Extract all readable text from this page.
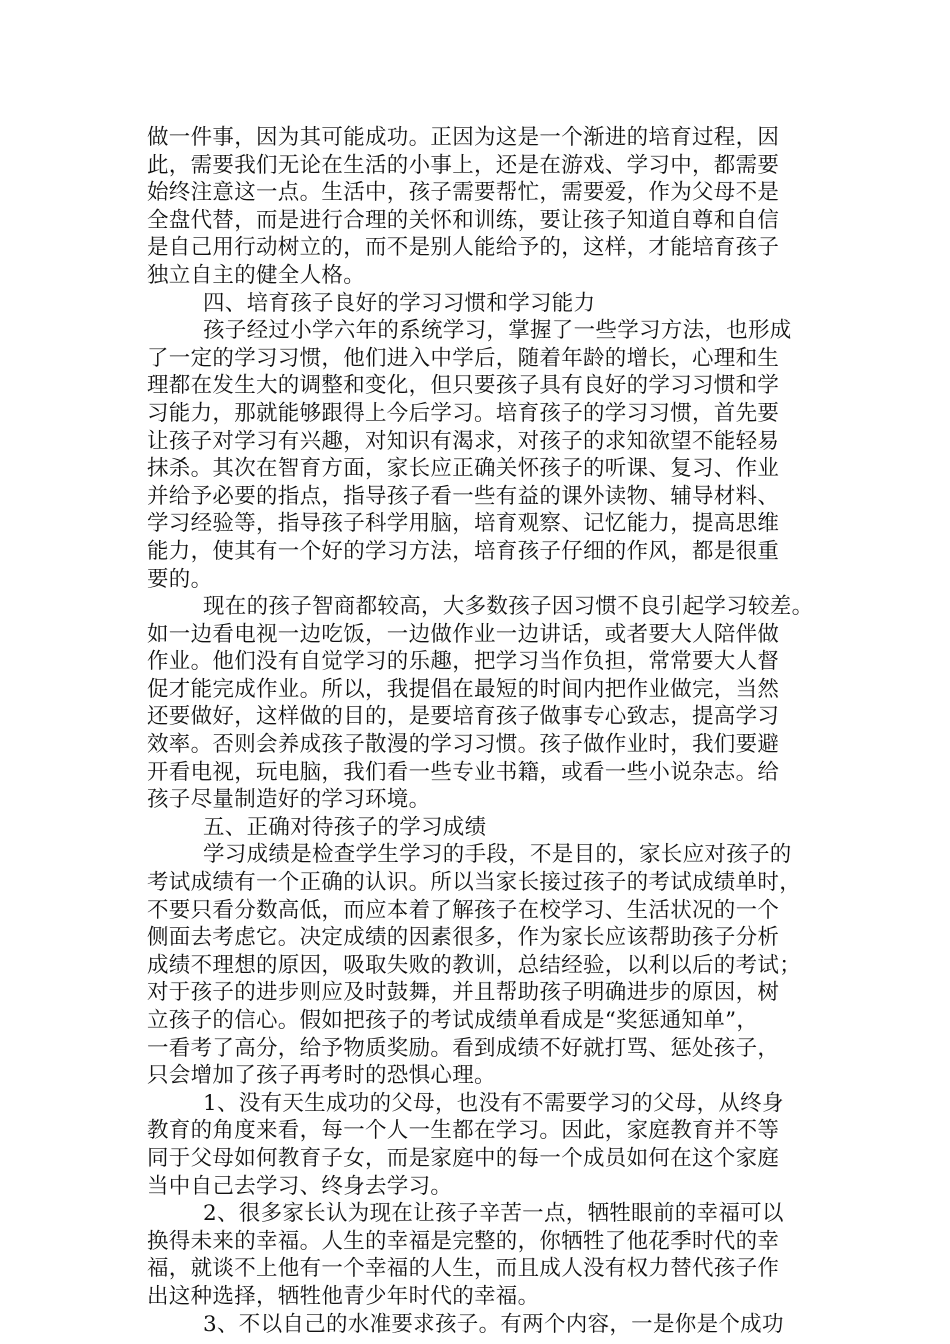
做一件事，因为其可能成功。正因为这是一个渐进的培育过程，因
此，需要我们无论在生活的小事上，还是在游戏、学习中，都需要
始终注意这一点。生活中，孩子需要帮忙，需要爱，作为父母不是
全盘代替，而是进行合理的关怀和训练，要让孩子知道自尊和自信
是自己用行动树立的，而不是别人能给予的，这样，才能培育孩子
独立自主的健全人格。
四、培育孩子良好的学习习惯和学习能力
孩子经过小学六年的系统学习，掌握了一些学习方法，也形成
了一定的学习习惯，他们进入中学后，随着年龄的增长，心理和生
理都在发生大的调整和变化，但只要孩子具有良好的学习习惯和学
习能力，那就能够跟得上今后学习。培育孩子的学习习惯，首先要
让孩子对学习有兴趣，对知识有渴求，对孩子的求知欲望不能轻易
抹杀。其次在智育方面，家长应正确关怀孩子的听课、复习、作业
并给予必要的指点，指导孩子看一些有益的课外读物、辅导材料、
学习经验等，指导孩子科学用脑，培育观察、记忆能力，提高思维
能力，使其有一个好的学习方法，培育孩子仔细的作风，都是很重
要的。
现在的孩子智商都较高，大多数孩子因习惯不良引起学习较差。
如一边看电视一边吃饭，一边做作业一边讲话，或者要大人陪伴做
作业。他们没有自觉学习的乐趣，把学习当作负担，常常要大人督
促才能完成作业。所以，我提倡在最短的时间内把作业做完，当然
还要做好，这样做的目的，是要培育孩子做事专心致志，提高学习
效率。否则会养成孩子散漫的学习习惯。孩子做作业时，我们要避
开看电视，玩电脑，我们看一些专业书籍，或看一些小说杂志。给
孩子尽量制造好的学习环境。
五、正确对待孩子的学习成绩
学习成绩是检查学生学习的手段，不是目的，家长应对孩子的
考试成绩有一个正确的认识。所以当家长接过孩子的考试成绩单时，
不要只看分数高低，而应本着了解孩子在校学习、生活状况的一个
侧面去考虑它。决定成绩的因素很多，作为家长应该帮助孩子分析
成绩不理想的原因，吸取失败的教训，总结经验，以利以后的考试；
对于孩子的进步则应及时鼓舞，并且帮助孩子明确进步的原因，树
立孩子的信心。假如把孩子的考试成绩单看成是“奖惩通知单”，
一看考了高分，给予物质奖励。看到成绩不好就打骂、惩处孩子，
只会增加了孩子再考时的恐惧心理。
1、没有天生成功的父母，也没有不需要学习的父母，从终身
教育的角度来看，每一个人一生都在学习。因此，家庭教育并不等
同于父母如何教育子女，而是家庭中的每一个成员如何在这个家庭
当中自己去学习、终身去学习。
2、很多家长认为现在让孩子辛苦一点，牺牲眼前的幸福可以
换得未来的幸福。人生的幸福是完整的，你牺牲了他花季时代的幸
福，就谈不上他有一个幸福的人生，而且成人没有权力替代孩子作
出这种选择，牺牲他青少年时代的幸福。
3、不以自己的水准要求孩子。有两个内容，一是你是个成功
